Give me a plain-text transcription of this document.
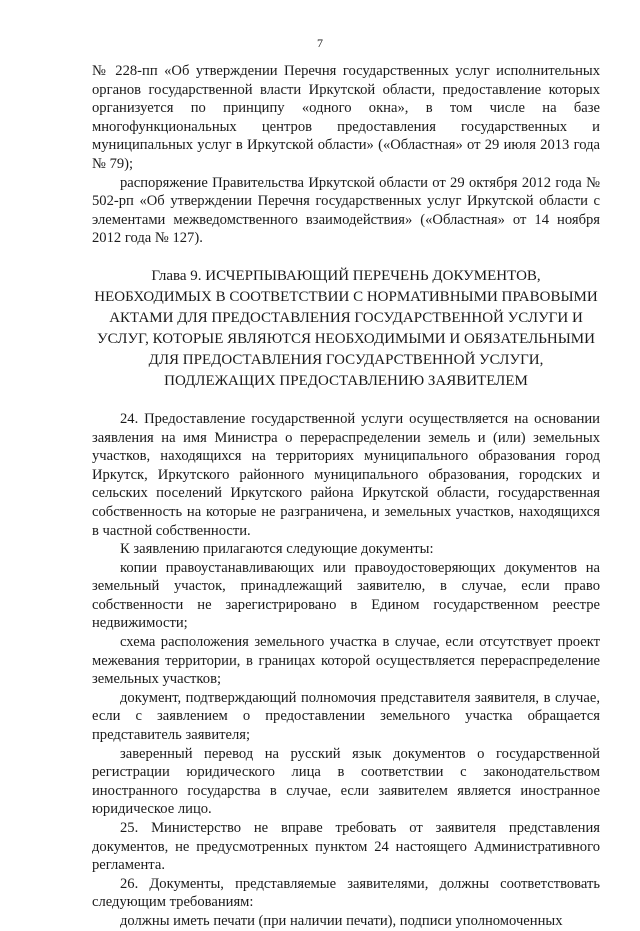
7

№ 228-пп «Об утверждении Перечня государственных услуг исполнительных органов государственной власти Иркутской области, предоставление которых организуется по принципу «одного окна», в том числе на базе многофункциональных центров предоставления государственных и муниципальных услуг в Иркутской области» («Областная» от 29 июля 2013 года № 79);

распоряжение Правительства Иркутской области от 29 октября 2012 года № 502-рп «Об утверждении Перечня государственных услуг Иркутской области с элементами межведомственного взаимодействия» («Областная» от 14 ноября 2012 года № 127).

Глава 9. ИСЧЕРПЫВАЮЩИЙ ПЕРЕЧЕНЬ ДОКУМЕНТОВ, НЕОБХОДИМЫХ В СООТВЕТСТВИИ С НОРМАТИВНЫМИ ПРАВОВЫМИ АКТАМИ ДЛЯ ПРЕДОСТАВЛЕНИЯ ГОСУДАРСТВЕННОЙ УСЛУГИ И УСЛУГ, КОТОРЫЕ ЯВЛЯЮТСЯ НЕОБХОДИМЫМИ И ОБЯЗАТЕЛЬНЫМИ ДЛЯ ПРЕДОСТАВЛЕНИЯ ГОСУДАРСТВЕННОЙ УСЛУГИ, ПОДЛЕЖАЩИХ ПРЕДОСТАВЛЕНИЮ ЗАЯВИТЕЛЕМ

24. Предоставление государственной услуги осуществляется на основании заявления на имя Министра о перераспределении земель и (или) земельных участков, находящихся на территориях муниципального образования город Иркутск, Иркутского районного муниципального образования, городских и сельских поселений Иркутского района Иркутской области, государственная собственность на которые не разграничена, и земельных участков, находящихся в частной собственности.

К заявлению прилагаются следующие документы:

копии правоустанавливающих или правоудостоверяющих документов на земельный участок, принадлежащий заявителю, в случае, если право собственности не зарегистрировано в Едином государственном реестре недвижимости;

схема расположения земельного участка в случае, если отсутствует проект межевания территории, в границах которой осуществляется перераспределение земельных участков;

документ, подтверждающий полномочия представителя заявителя, в случае, если с заявлением о предоставлении земельного участка обращается представитель заявителя;

заверенный перевод на русский язык документов о государственной регистрации юридического лица в соответствии с законодательством иностранного государства в случае, если заявителем является иностранное юридическое лицо.

25. Министерство не вправе требовать от заявителя представления документов, не предусмотренных пунктом 24 настоящего Административного регламента.

26. Документы, представляемые заявителями, должны соответствовать следующим требованиям:

должны иметь печати (при наличии печати), подписи уполномоченных
